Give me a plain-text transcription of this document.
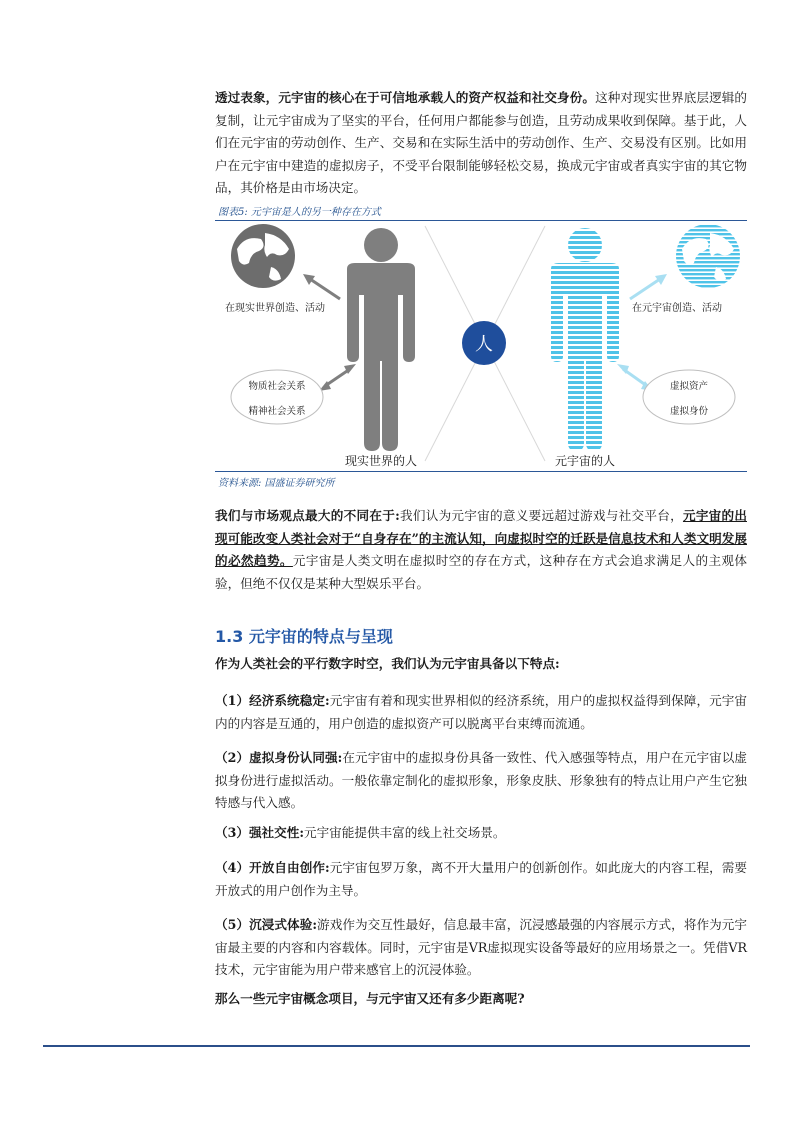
透过表象，元宇宙的核心在于可信地承载人的资产权益和社交身份。这种对现实世界底层逻辑的复制，让元宇宙成为了坚实的平台，任何用户都能参与创造，且劳动成果收到保障。基于此，人们在元宇宙的劳动创作、生产、交易和在实际生活中的劳动创作、生产、交易没有区别。比如用户在元宇宙中建造的虚拟房子，不受平台限制能够轻松交易，换成元宇宙或者真实宇宙的其它物品，其价格是由市场决定。

图表5: 元宇宙是人的另一种存在方式
人
在现实世界创造、活动	在元宇宙创造、活动
物质社会关系
精神社会关系
虚拟资产
虚拟身份
现实世界的人	元宇宙的人
资料来源: 国盛证券研究所

我们与市场观点最大的不同在于:我们认为元宇宙的意义要远超过游戏与社交平台，元宇宙的出现可能改变人类社会对于“自身存在”的主流认知，向虚拟时空的迁跃是信息技术和人类文明发展的必然趋势。元宇宙是人类文明在虚拟时空的存在方式，这种存在方式会追求满足人的主观体验，但绝不仅仅是某种大型娱乐平台。

1.3 元宇宙的特点与呈现

作为人类社会的平行数字时空，我们认为元宇宙具备以下特点:

（1）经济系统稳定:元宇宙有着和现实世界相似的经济系统，用户的虚拟权益得到保障，元宇宙内的内容是互通的，用户创造的虚拟资产可以脱离平台束缚而流通。

（2）虚拟身份认同强:在元宇宙中的虚拟身份具备一致性、代入感强等特点，用户在元宇宙以虚拟身份进行虚拟活动。一般依靠定制化的虚拟形象，形象皮肤、形象独有的特点让用户产生它独特感与代入感。

（3）强社交性:元宇宙能提供丰富的线上社交场景。

（4）开放自由创作:元宇宙包罗万象，离不开大量用户的创新创作。如此庞大的内容工程，需要开放式的用户创作为主导。

（5）沉浸式体验:游戏作为交互性最好，信息最丰富，沉浸感最强的内容展示方式，将作为元宇宙最主要的内容和内容载体。同时，元宇宙是VR虚拟现实设备等最好的应用场景之一。凭借VR技术，元宇宙能为用户带来感官上的沉浸体验。

那么一些元宇宙概念项目，与元宇宙又还有多少距离呢?
